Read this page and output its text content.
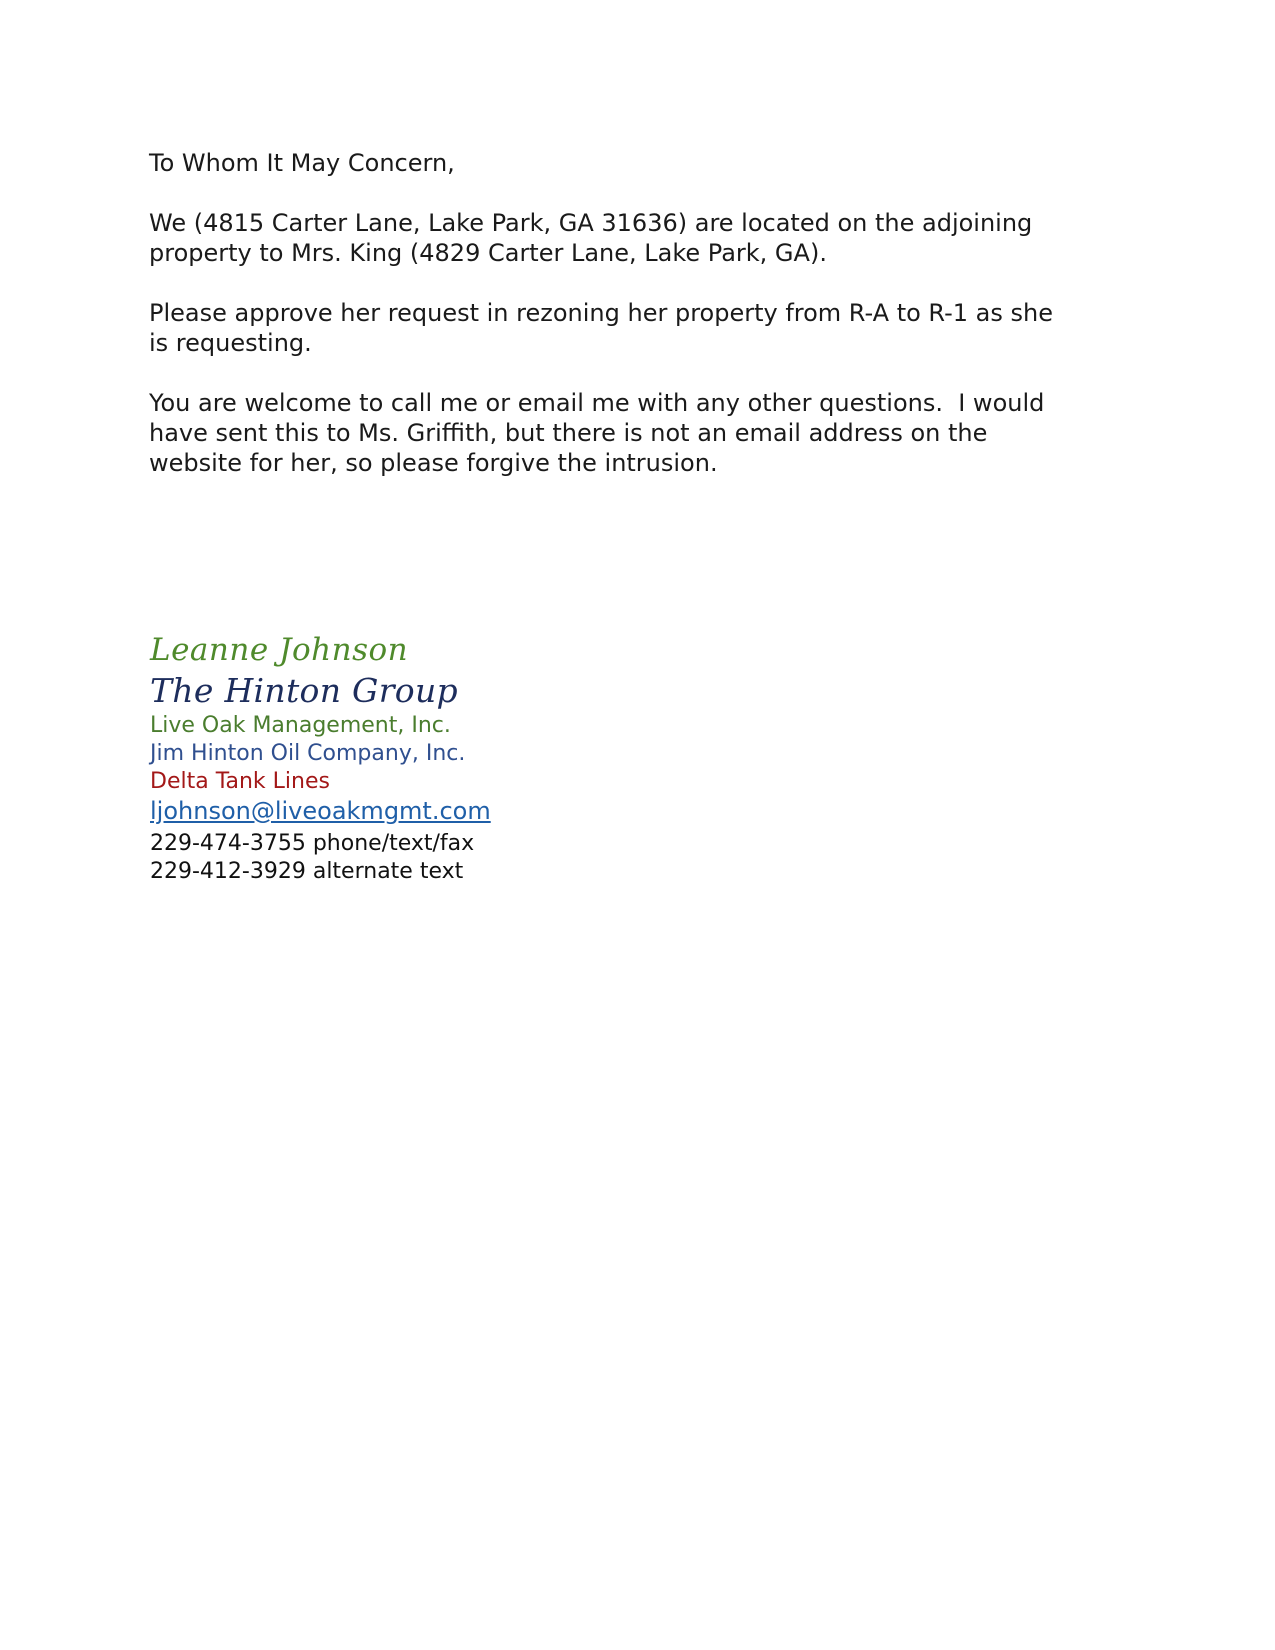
To Whom It May Concern,

We (4815 Carter Lane, Lake Park, GA 31636) are located on the adjoining
property to Mrs. King (4829 Carter Lane, Lake Park, GA).

Please approve her request in rezoning her property from R-A to R-1 as she
is requesting.

You are welcome to call me or email me with any other questions.  I would
have sent this to Ms. Griffith, but there is not an email address on the
website for her, so please forgive the intrusion.

Leanne Johnson
The Hinton Group
Live Oak Management, Inc.
Jim Hinton Oil Company, Inc.
Delta Tank Lines
ljohnson@liveoakmgmt.com
229-474-3755 phone/text/fax
229-412-3929 alternate text
